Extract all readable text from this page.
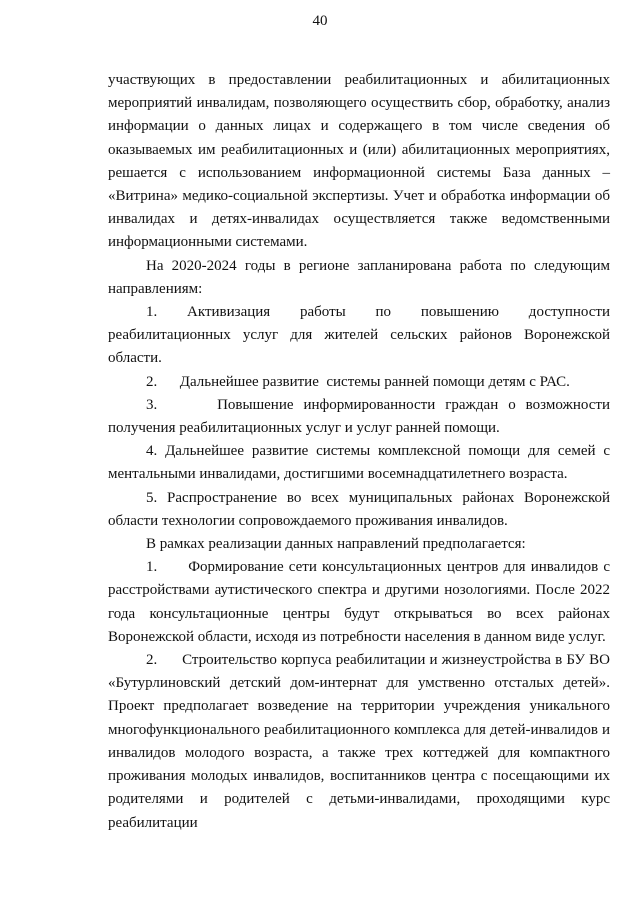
40

участвующих в предоставлении реабилитационных и абилитационных мероприятий инвалидам, позволяющего осуществить сбор, обработку, анализ информации о данных лицах и содержащего в том числе сведения об оказываемых им реабилитационных и (или) абилитационных мероприятиях, решается с использованием информационной системы База данных – «Витрина» медико-социальной экспертизы. Учет и обработка информации об инвалидах и детях-инвалидах осуществляется также ведомственными информационными системами.

На 2020-2024 годы в регионе запланирована работа по следующим направлениям:

1.      Активизация      работы      по      повышению      доступности реабилитационных услуг для жителей сельских районов Воронежской области.

2.      Дальнейшее развитие  системы ранней помощи детям с РАС.

3.      Повышение информированности граждан о возможности получения реабилитационных услуг и услуг ранней помощи.

4. Дальнейшее развитие системы комплексной помощи для семей с ментальными инвалидами, достигшими восемнадцатилетнего возраста.

5. Распространение во всех муниципальных районах Воронежской области технологии сопровождаемого проживания инвалидов.

В рамках реализации данных направлений предполагается:

1.      Формирование сети консультационных центров для инвалидов с расстройствами аутистического спектра и другими нозологиями. После 2022 года консультационные центры будут открываться во всех районах Воронежской области, исходя из потребности населения в данном виде услуг.

2.      Строительство корпуса реабилитации и жизнеустройства в БУ ВО «Бутурлиновский детский дом-интернат для умственно отсталых детей». Проект предполагает возведение на территории учреждения уникального многофункционального реабилитационного комплекса для детей-инвалидов и инвалидов молодого возраста, а также трех коттеджей для компактного проживания молодых инвалидов, воспитанников центра с посещающими их родителями и родителей с детьми-инвалидами, проходящими курс реабилитации
